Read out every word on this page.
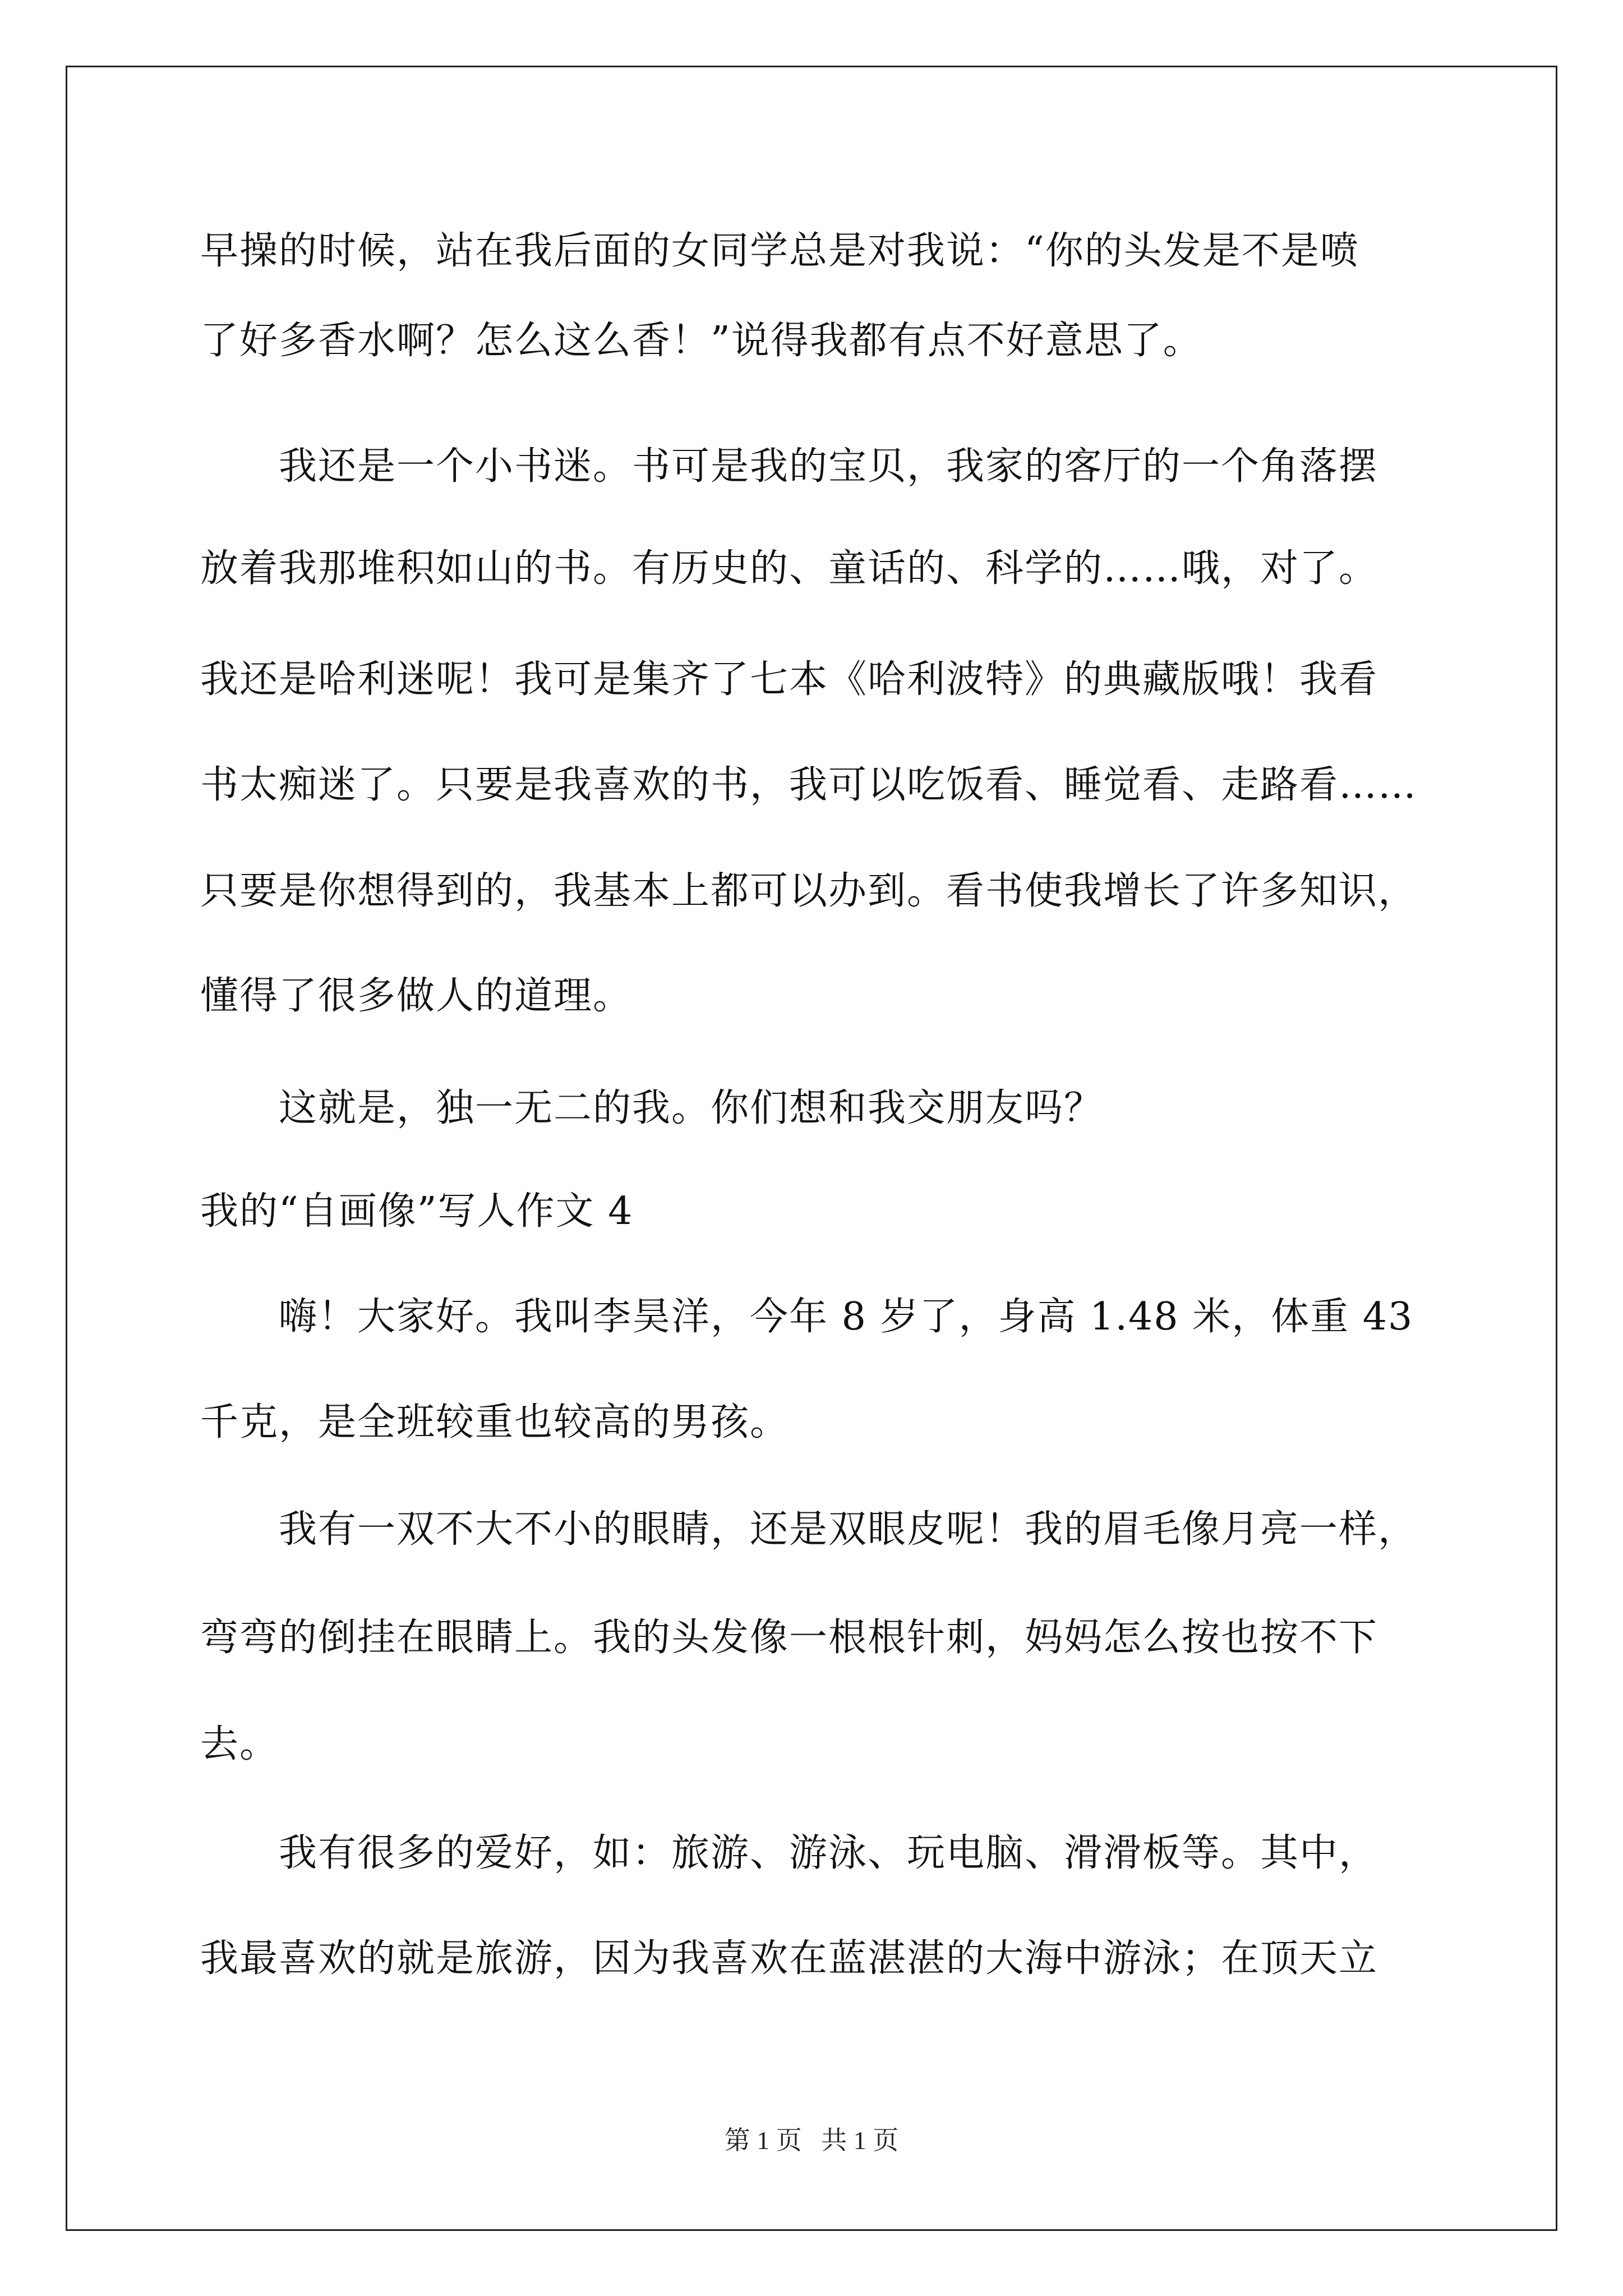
早操的时候，站在我后面的女同学总是对我说：“你的头发是不是喷
了好多香水啊？怎么这么香！”说得我都有点不好意思了。
我还是一个小书迷。书可是我的宝贝，我家的客厅的一个角落摆
放着我那堆积如山的书。有历史的、童话的、科学的……哦，对了。
我还是哈利迷呢！我可是集齐了七本《哈利波特》的典藏版哦！我看
书太痴迷了。只要是我喜欢的书，我可以吃饭看、睡觉看、走路看……
只要是你想得到的，我基本上都可以办到。看书使我增长了许多知识，
懂得了很多做人的道理。
这就是，独一无二的我。你们想和我交朋友吗？
我的“自画像”写人作文 4
嗨！大家好。我叫李昊洋，今年 8 岁了，身高 1.48 米，体重 43
千克，是全班较重也较高的男孩。
我有一双不大不小的眼睛，还是双眼皮呢！我的眉毛像月亮一样，
弯弯的倒挂在眼睛上。我的头发像一根根针刺，妈妈怎么按也按不下
去。
我有很多的爱好，如：旅游、游泳、玩电脑、滑滑板等。其中，
我最喜欢的就是旅游，因为我喜欢在蓝湛湛的大海中游泳；在顶天立
第 1 页   共 1 页
